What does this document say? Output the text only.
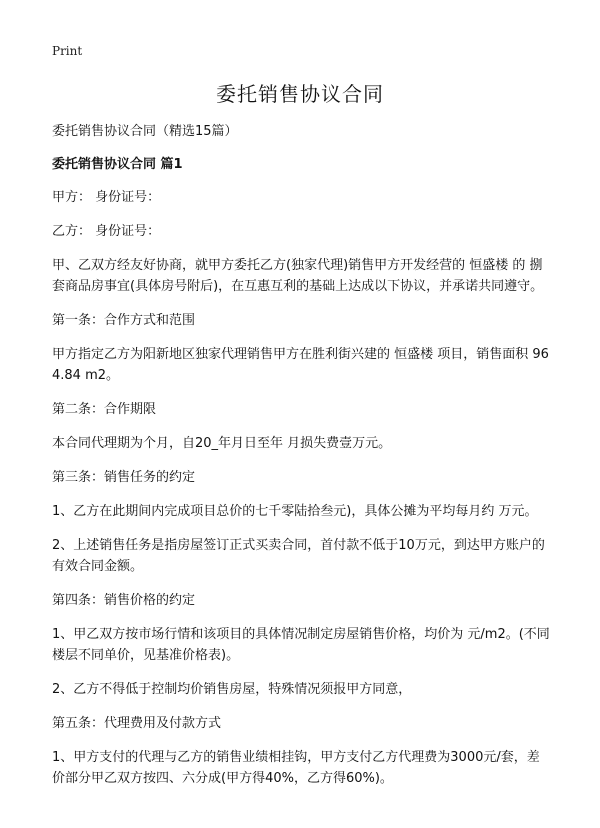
Print
委托销售协议合同

委托销售协议合同（精选15篇）

委托销售协议合同 篇1

甲方： 身份证号：

乙方： 身份证号：

甲、乙双方经友好协商，就甲方委托乙方(独家代理)销售甲方开发经营的 恒盛楼 的 捌套商品房事宜(具体房号附后)，在互惠互利的基础上达成以下协议，并承诺共同遵守。

第一条：合作方式和范围

甲方指定乙方为阳新地区独家代理销售甲方在胜利街兴建的 恒盛楼 项目，销售面积 964.84 m2。

第二条：合作期限

本合同代理期为个月，自20_年月日至年 月损失费壹万元。

第三条：销售任务的约定

1、乙方在此期间内完成项目总价的七千零陆拾叁元)，具体公摊为平均每月约 万元。

2、上述销售任务是指房屋签订正式买卖合同，首付款不低于10万元，到达甲方账户的有效合同金额。

第四条：销售价格的约定

1、甲乙双方按市场行情和该项目的具体情况制定房屋销售价格，均价为 元/m2。(不同楼层不同单价，见基准价格表)。

2、乙方不得低于控制均价销售房屋，特殊情况须报甲方同意，

第五条：代理费用及付款方式

1、甲方支付的代理与乙方的销售业绩相挂钩，甲方支付乙方代理费为3000元/套，差价部分甲乙双方按四、六分成(甲方得40%，乙方得60%)。
